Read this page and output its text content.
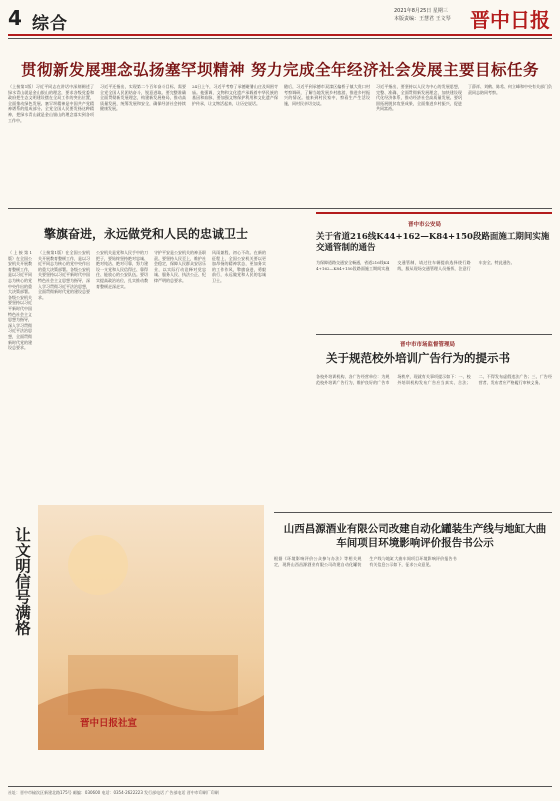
4 综合
2021年8月25日 星期三
本版责编：王慧君 王文琴 晋中日报
贯彻新发展理念弘扬塞罕坝精神 努力完成全年经济社会发展主要目标任务
（上接第1版）习近平同志在讲话中深刻阐述了绿水青山就是金山银山的理念，要求各级党委和政府把生态文明建设摆在全局工作的突出位置，全面推动绿色发展。塞罕坝精神是中国共产党精神谱系的组成部分。全党全国人民要发扬这种精神，把绿水青山就是金山银山的理念落实到各项工作中。
习近平还指出，实现第二个百年奋斗目标，需要全党全国人民团结奋斗，锐意进取。要完整准确全面贯彻新发展理念，构建新发展格局，推动高质量发展，统筹发展和安全，确保经济社会持续健康发展。
24日上午，习近平考察了承德避暑山庄及周围寺庙。他强调，文物和文化遗产承载着中华民族的基因和血脉，要加强文物保护利用和文化遗产保护传承，让文物活起来，让历史说话。
随后，习近平到承德市双滦区偏桥子镇大贵口村考察调研，了解当地发展乡村旅游，推进乡村振兴的情况。他来到村民家中，察看生产生活设施，同村民亲切交谈。
习近平指出，要坚持以人民为中心的发展思想，完整、准确、全面贯彻新发展理念，加快建设现代化经济体系，推动经济社会高质量发展。要巩固拓展脱贫攻坚成果，全面推进乡村振兴，促进共同富裕。
丁薛祥、刘鹤、陈希、何立峰和中央有关部门负责同志陪同考察。
擎旗奋进，永远做党和人民的忠诚卫士
（上接第1版）在全国公安机关开展教育整顿工作，是以习近平同志为核心的党中央作出的重大决策部署。各级公安机关要坚持以习近平新时代中国特色社会主义思想为指导，深入学习贯彻习近平法治思想，全面贯彻新时代党的建设总要求。
公安机关是党和人民手中的刀把子，要始终坚持绝对忠诚、绝对纯洁、绝对可靠，努力建设一支党和人民信得过、靠得住、能放心的公安队伍。要切实提高政治站位，扎实推动教育整顿走深走实。
守护平安是公安机关的神圣职责。要坚持人民至上，维护社会稳定，保障人民群众安居乐业，以实际行动诠释对党忠诚、服务人民、执法公正、纪律严明的总要求。
风雨兼程，初心不改。在新的征程上，全国公安机关要以更加昂扬的精神状态，更加务实的工作作风，擎旗奋进，勇毅前行，永远做党和人民的忠诚卫士。
（上接第1版）在全国公安机关开展教育整顿工作，是以习近平同志为核心的党中央作出的重大决策部署。各级公安机关要坚持以习近平新时代中国特色社会主义思想为指导，深入学习贯彻习近平法治思想，全面贯彻新时代党的建设总要求。
晋中市公安局
关于省道216线K44+162—K84+150段路面施工期间实施交通管制的通告
为保障道路交通安全畅通，省道216线K44+162—K84+150段路面施工期间实施交通管制，请过往车辆提前选择绕行路线，服从现场交通管理人员指挥，注意行车安全。特此通告。
晋中市市场监督管理局
关于规范校外培训广告行为的提示书
各校外培训机构、各广告经营单位：为规范校外培训广告行为，维护良好的广告市场秩序，现就有关事项提示如下：一、校外培训机构发布广告应当真实、合法；二、不得发布虚假违法广告；三、广告经营者、发布者应严格履行审核义务。
山西昌源酒业有限公司改建自动化罐装生产线与地缸大曲车间项目环境影响评价报告书公示
根据《环境影响评价公众参与办法》等相关规定，现将山西昌源酒业有限公司改建自动化罐装生产线与地缸大曲车间项目环境影响评价报告书有关信息公示如下，征求公众意见。
让文明信号满格
晋中日报社宣
社址：晋中市榆次区新建北路175号 邮编：030600 电话：0354-2622223 发行部电话 广告部电话 晋中市印刷厂印刷
